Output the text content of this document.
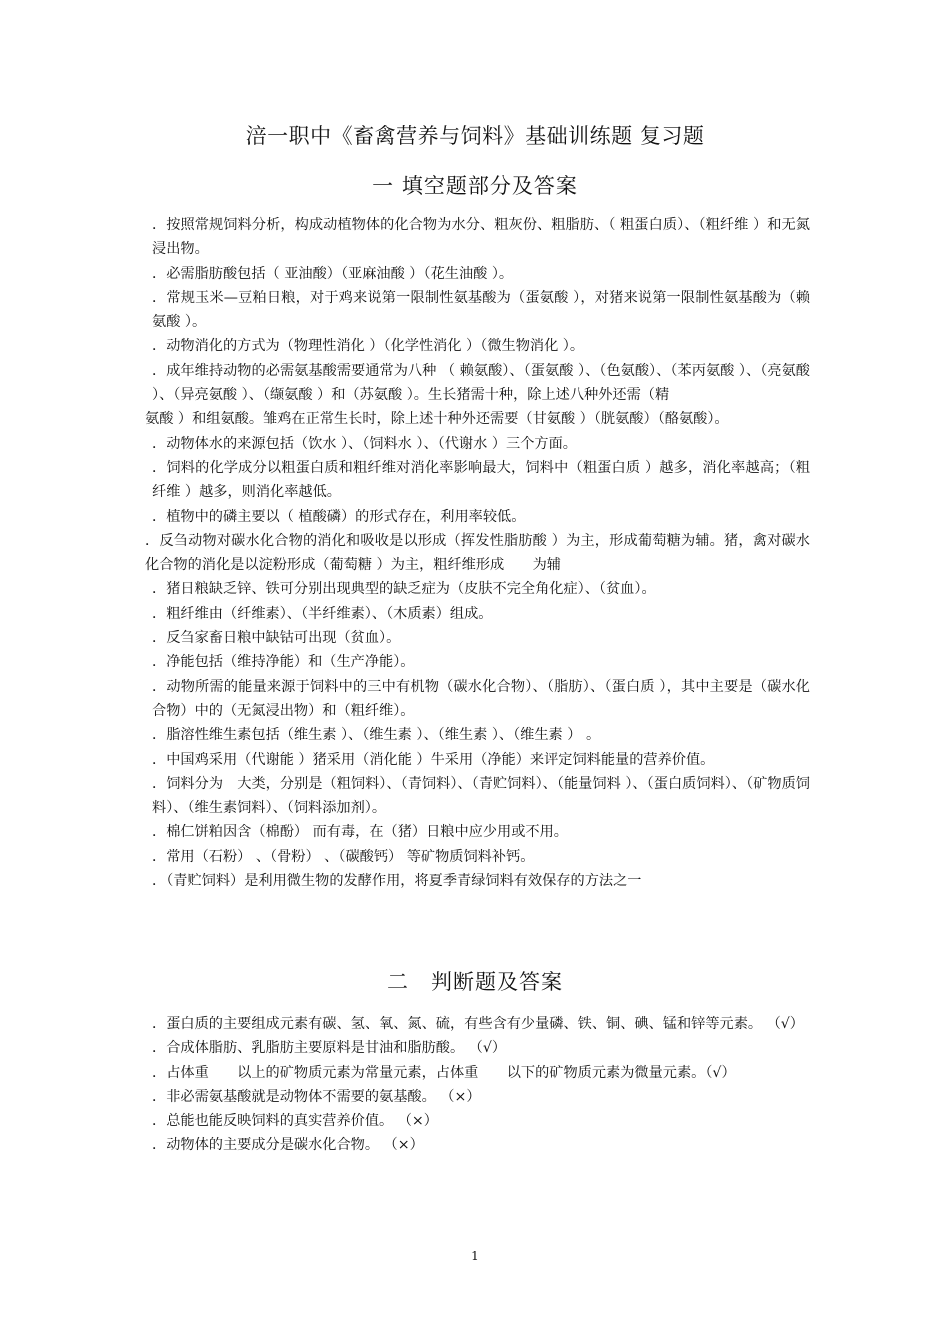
涪一职中《畜禽营养与饲料》基础训练题 复习题
一 填空题部分及答案

．按照常规饲料分析，构成动植物体的化合物为水分、粗灰份、粗脂肪、（ 粗蛋白质）、（粗纤维 ）和无氮浸出物。

．必需脂肪酸包括（ 亚油酸）（亚麻油酸 ）（花生油酸 ）。

．常规玉米—豆粕日粮，对于鸡来说第一限制性氨基酸为（蛋氨酸 ），对猪来说第一限制性氨基酸为（赖氨酸 ）。

．动物消化的方式为（物理性消化 ）（化学性消化 ）（微生物消化 ）。

．成年维持动物的必需氨基酸需要通常为八种 （ 赖氨酸）、（蛋氨酸 ）、（色氨酸）、（苯丙氨酸 ）、（亮氨酸 ）、（异亮氨酸 ）、（缬氨酸 ）和（苏氨酸 ）。生长猪需十种，除上述八种外还需（精

氨酸 ）和组氨酸。雏鸡在正常生长时，除上述十种外还需要（甘氨酸 ）（胱氨酸）（酪氨酸）。

．动物体水的来源包括（饮水 ）、（饲料水 ）、（代谢水 ）三个方面。

．饲料的化学成分以粗蛋白质和粗纤维对消化率影响最大，饲料中（粗蛋白质 ）越多，消化率越高；（粗纤维 ）越多，则消化率越低。

．植物中的磷主要以（ 植酸磷）的形式存在，利用率较低。

．反刍动物对碳水化合物的消化和吸收是以形成（挥发性脂肪酸 ）为主，形成葡萄糖为辅。猪，禽对碳水化合物的消化是以淀粉形成（葡萄糖 ）为主，粗纤维形成　　为辅

．猪日粮缺乏锌、铁可分别出现典型的缺乏症为（皮肤不完全角化症）、（贫血）。

．粗纤维由（纤维素）、（半纤维素）、（木质素）组成。

．反刍家畜日粮中缺钴可出现（贫血）。

．净能包括（维持净能）和（生产净能）。

．动物所需的能量来源于饲料中的三中有机物（碳水化合物）、（脂肪）、（蛋白质 ），其中主要是（碳水化合物）中的（无氮浸出物）和（粗纤维）。

．脂溶性维生素包括（维生素 ）、（维生素 ）、（维生素 ）、（维生素 ） 。

．中国鸡采用（代谢能 ）猪采用（消化能 ）牛采用（净能）来评定饲料能量的营养价值。

．饲料分为　大类，分别是（粗饲料）、（青饲料）、（青贮饲料）、（能量饲料 ）、（蛋白质饲料）、（矿物质饲料）、（维生素饲料）、（饲料添加剂）。

．棉仁饼粕因含（棉酚） 而有毒，在（猪）日粮中应少用或不用。

．常用（石粉） 、（骨粉） 、（碳酸钙） 等矿物质饲料补钙。

．（青贮饲料）是利用微生物的发酵作用，将夏季青绿饲料有效保存的方法之一

二　判断题及答案

．蛋白质的主要组成元素有碳、氢、氧、氮、硫，有些含有少量磷、铁、铜、碘、锰和锌等元素。 （√）

．合成体脂肪、乳脂肪主要原料是甘油和脂肪酸。 （√）

．占体重　　以上的矿物质元素为常量元素，占体重　　以下的矿物质元素为微量元素。（√）

．非必需氨基酸就是动物体不需要的氨基酸。 （×）

．总能也能反映饲料的真实营养价值。 （×）

．动物体的主要成分是碳水化合物。 （×）

1
